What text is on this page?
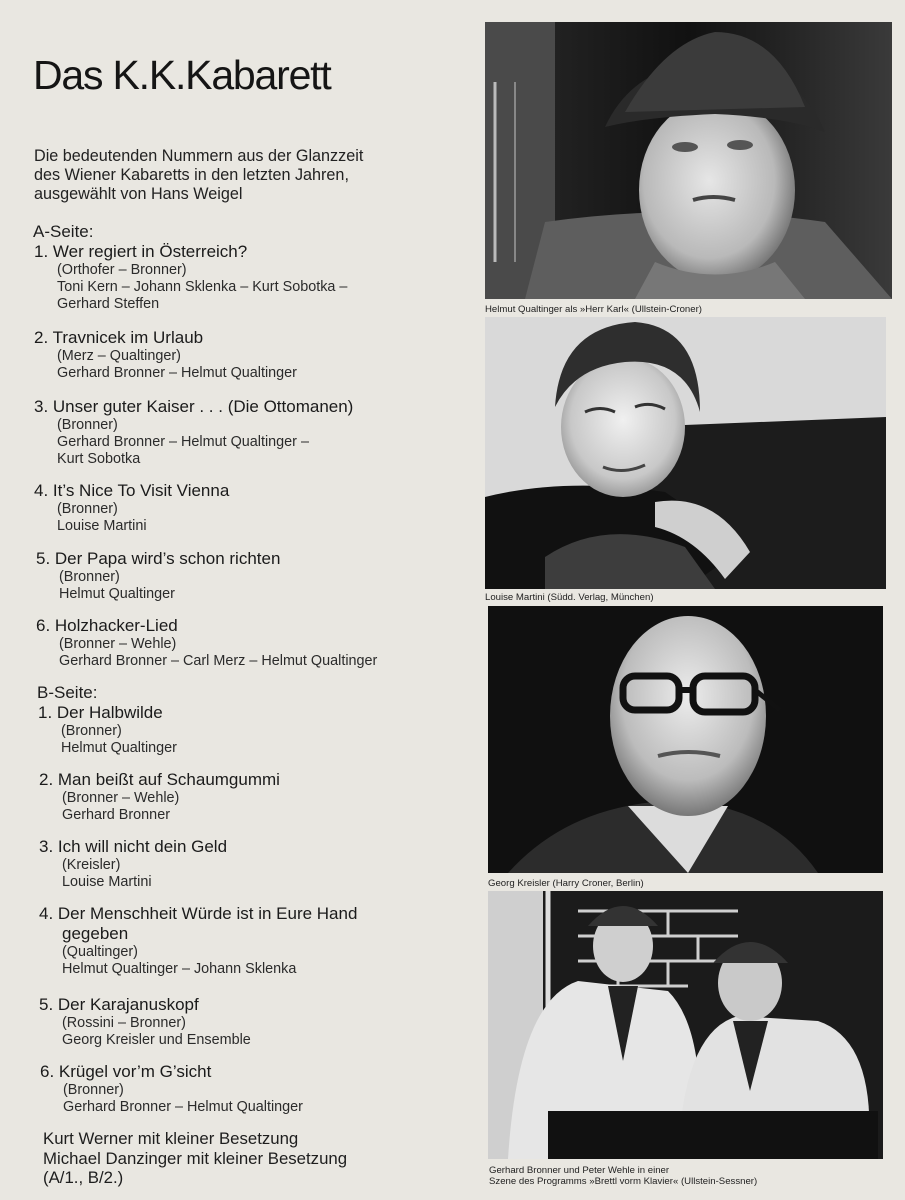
Das K.K.Kabarett
Die bedeutenden Nummern aus der Glanzzeit
des Wiener Kabaretts in den letzten Jahren,
ausgewählt von Hans Weigel
A-Seite:
1. Wer regiert in Österreich?
(Orthofer – Bronner)
Toni Kern – Johann Sklenka – Kurt Sobotka –
Gerhard Steffen
2. Travnicek im Urlaub
(Merz – Qualtinger)
Gerhard Bronner – Helmut Qualtinger
3. Unser guter Kaiser . . . (Die Ottomanen)
(Bronner)
Gerhard Bronner – Helmut Qualtinger –
Kurt Sobotka
4. It’s Nice To Visit Vienna
(Bronner)
Louise Martini
5. Der Papa wird’s schon richten
(Bronner)
Helmut Qualtinger
6. Holzhacker-Lied
(Bronner – Wehle)
Gerhard Bronner – Carl Merz – Helmut Qualtinger
B-Seite:
1. Der Halbwilde
(Bronner)
Helmut Qualtinger
2. Man beißt auf Schaumgummi
(Bronner – Wehle)
Gerhard Bronner
3. Ich will nicht dein Geld
(Kreisler)
Louise Martini
4. Der Menschheit Würde ist in Eure Hand
gegeben
(Qualtinger)
Helmut Qualtinger – Johann Sklenka
5. Der Karajanuskopf
(Rossini – Bronner)
Georg Kreisler und Ensemble
6. Krügel vor’m G’sicht
(Bronner)
Gerhard Bronner – Helmut Qualtinger
Kurt Werner mit kleiner Besetzung
Michael Danzinger mit kleiner Besetzung
(A/1., B/2.)
Helmut Qualtinger als »Herr Karl« (Ullstein-Croner)
Louise Martini (Südd. Verlag, München)
Georg Kreisler (Harry Croner, Berlin)
Gerhard Bronner und Peter Wehle in einer
Szene des Programms »Brettl vorm Klavier« (Ullstein-Sessner)
